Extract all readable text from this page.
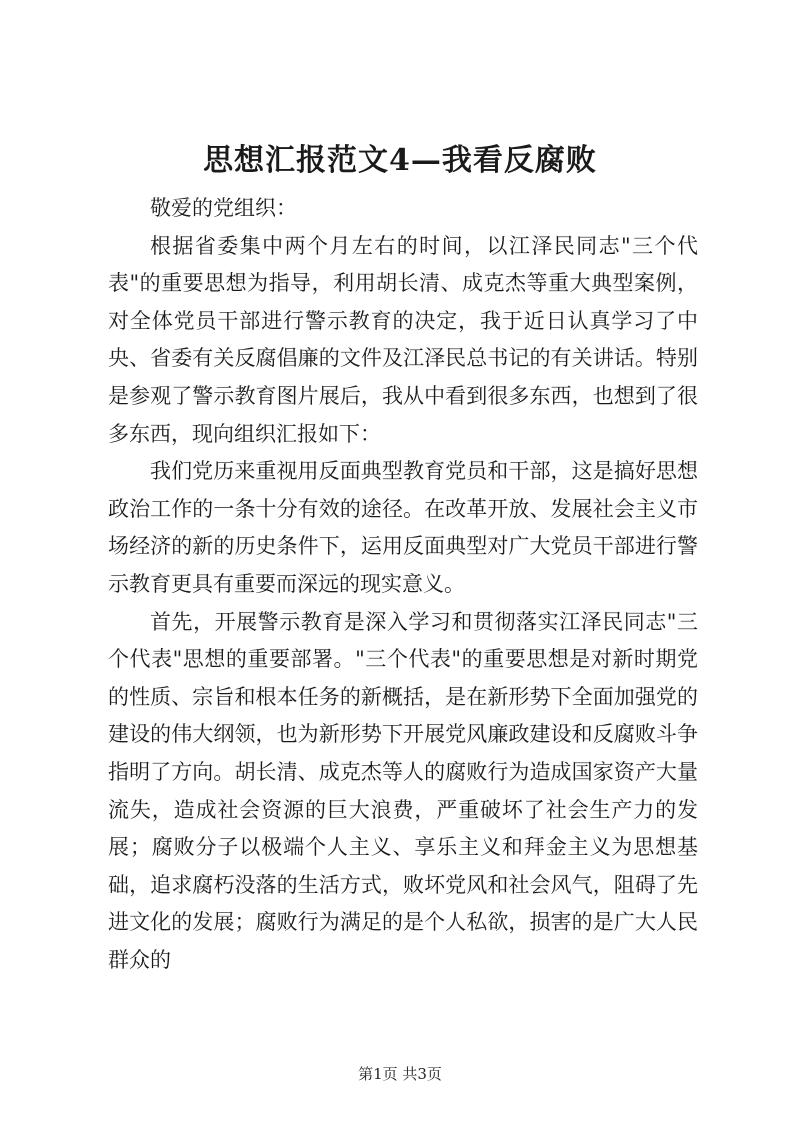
思想汇报范文4—我看反腐败

敬爱的党组织：

根据省委集中两个月左右的时间，以江泽民同志"三个代表"的重要思想为指导，利用胡长清、成克杰等重大典型案例，对全体党员干部进行警示教育的决定，我于近日认真学习了中央、省委有关反腐倡廉的文件及江泽民总书记的有关讲话。特别是参观了警示教育图片展后，我从中看到很多东西，也想到了很多东西，现向组织汇报如下：

我们党历来重视用反面典型教育党员和干部，这是搞好思想政治工作的一条十分有效的途径。在改革开放、发展社会主义市场经济的新的历史条件下，运用反面典型对广大党员干部进行警示教育更具有重要而深远的现实意义。

首先，开展警示教育是深入学习和贯彻落实江泽民同志"三个代表"思想的重要部署。"三个代表"的重要思想是对新时期党的性质、宗旨和根本任务的新概括，是在新形势下全面加强党的建设的伟大纲领，也为新形势下开展党风廉政建设和反腐败斗争指明了方向。胡长清、成克杰等人的腐败行为造成国家资产大量流失，造成社会资源的巨大浪费，严重破坏了社会生产力的发展；腐败分子以极端个人主义、享乐主义和拜金主义为思想基础，追求腐朽没落的生活方式，败坏党风和社会风气，阻碍了先进文化的发展；腐败行为满足的是个人私欲，损害的是广大人民群众的

第1页 共3页
